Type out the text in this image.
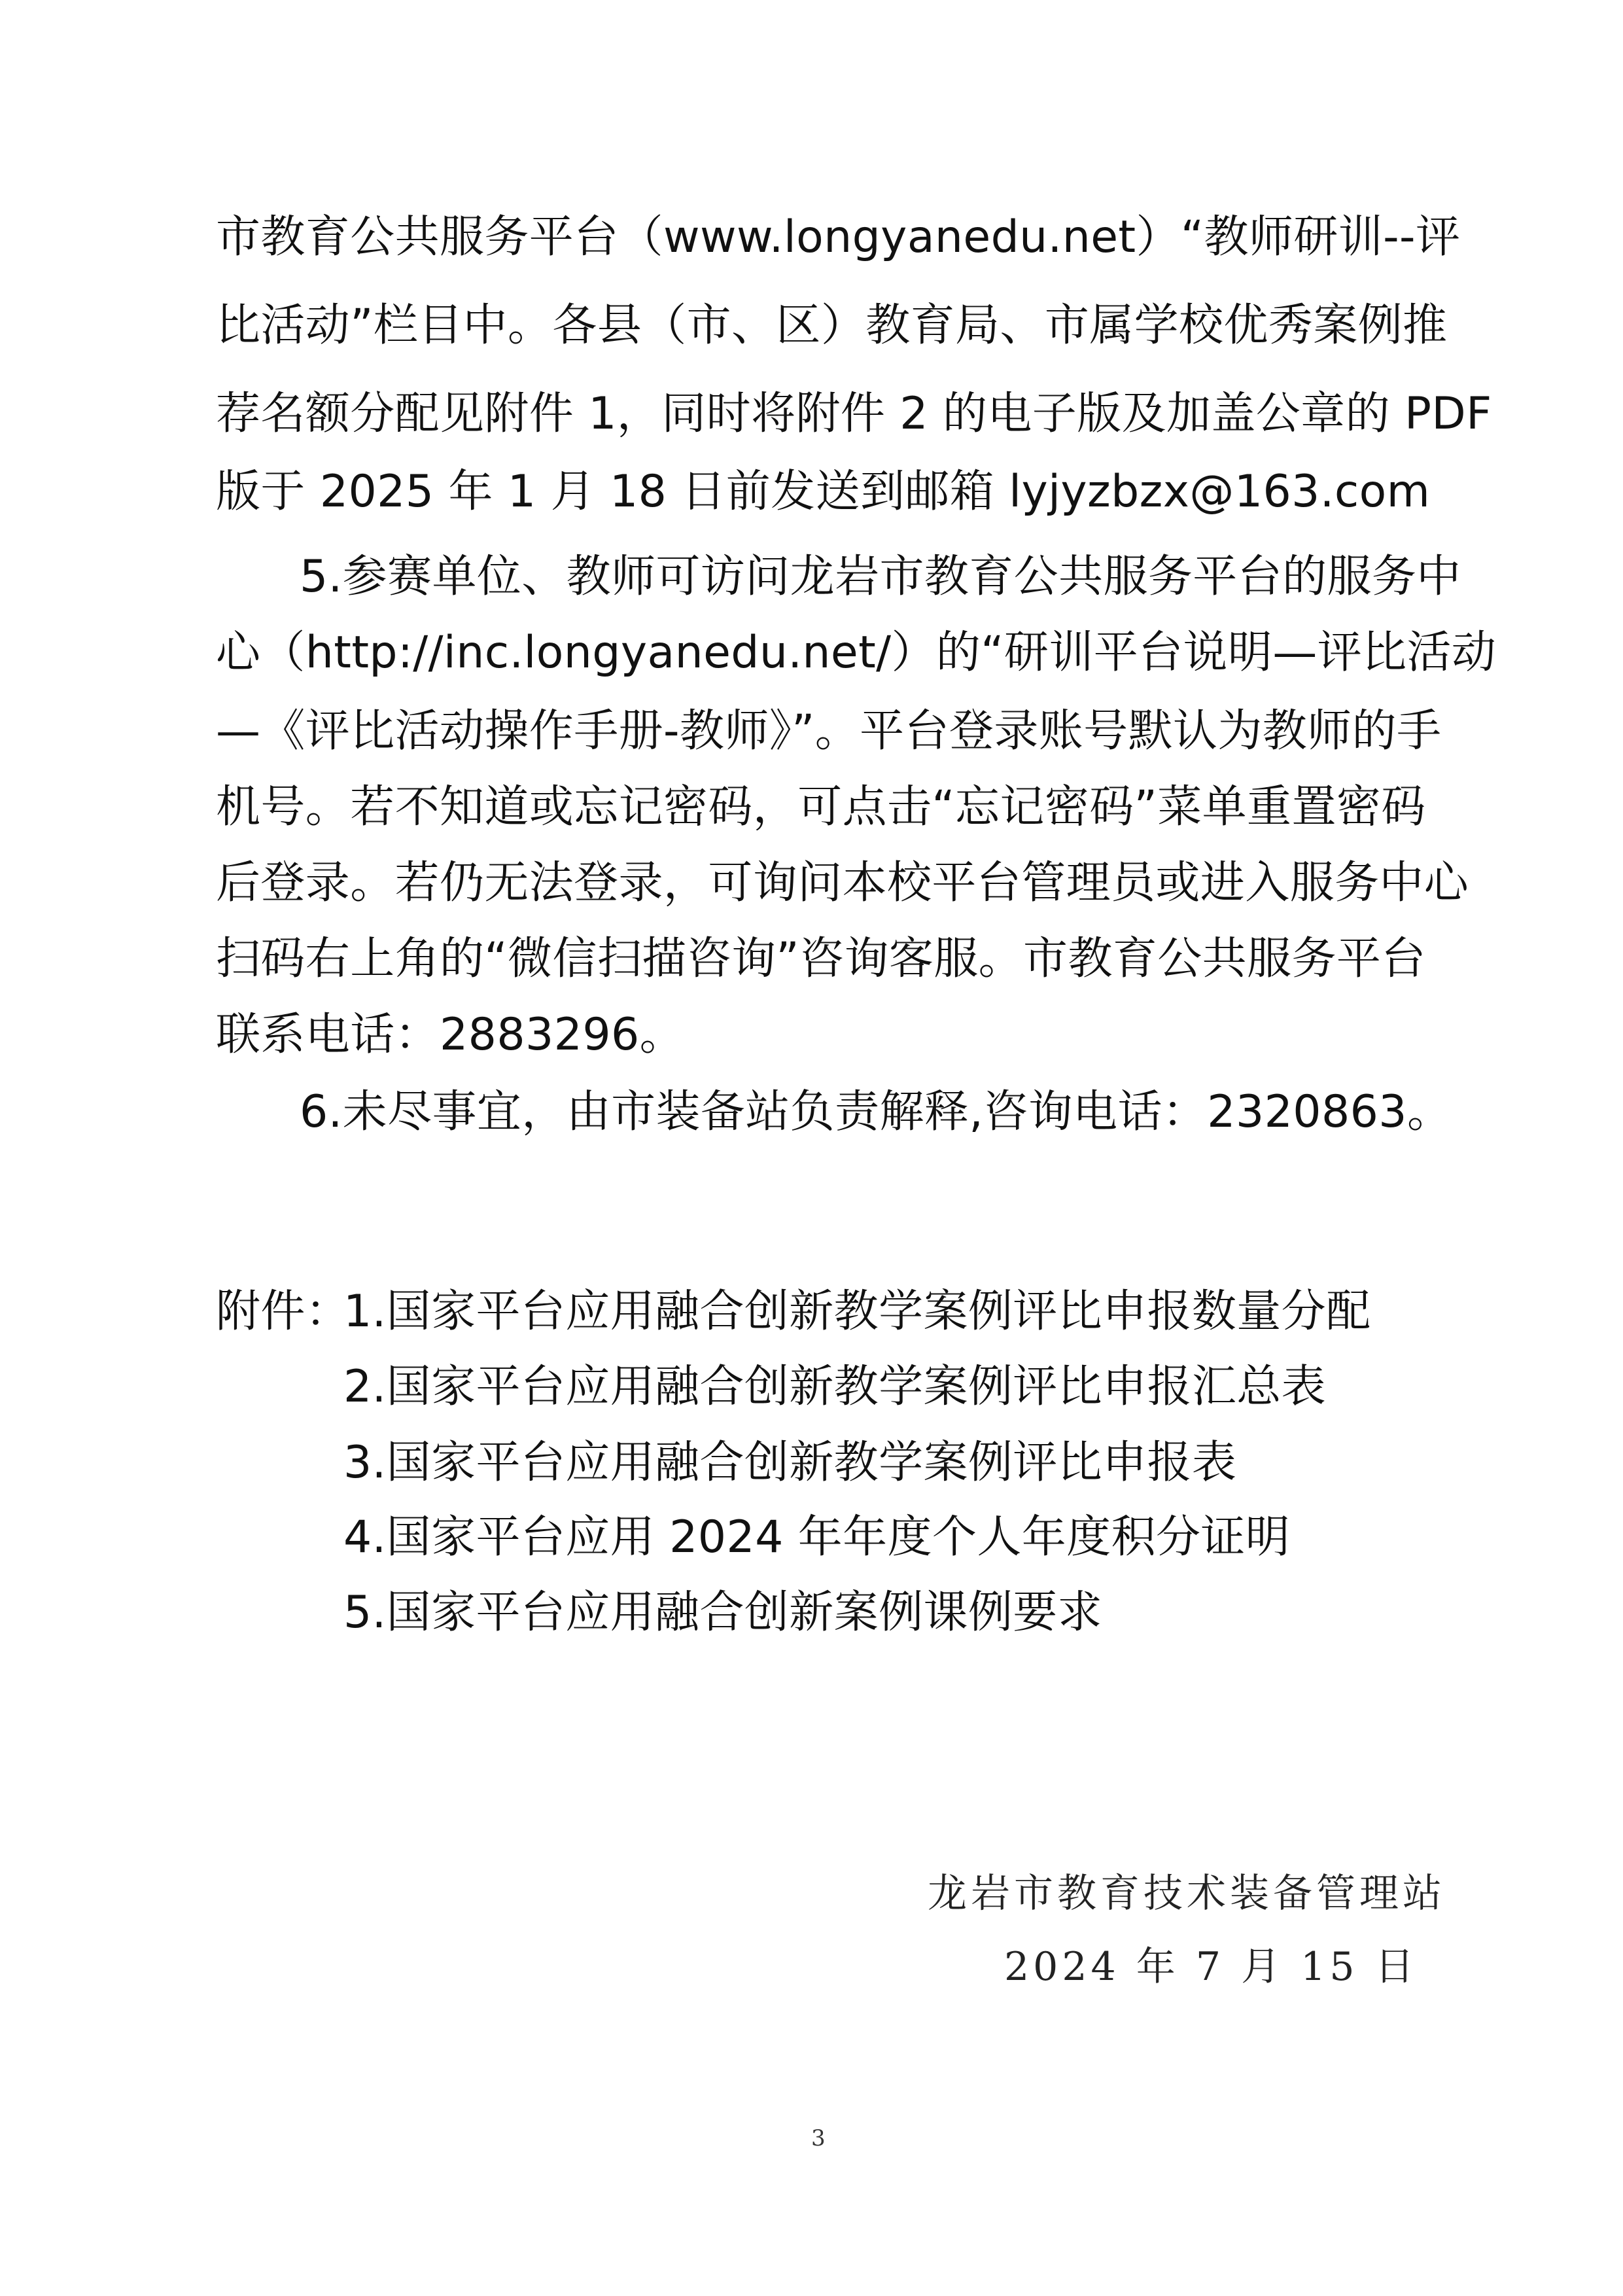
市教育公共服务平台（www.longyanedu.net）“教师研训--评
比活动”栏目中。各县（市、区）教育局、市属学校优秀案例推
荐名额分配见附件 1，同时将附件 2 的电子版及加盖公章的 PDF
版于 2025 年 1 月 18 日前发送到邮箱 lyjyzbzx@163.com
5.参赛单位、教师可访问龙岩市教育公共服务平台的服务中
心（http://inc.longyanedu.net/）的“研训平台说明—评比活动
—《评比活动操作手册-教师》”。平台登录账号默认为教师的手
机号。若不知道或忘记密码，可点击“忘记密码”菜单重置密码
后登录。若仍无法登录，可询问本校平台管理员或进入服务中心
扫码右上角的“微信扫描咨询”咨询客服。市教育公共服务平台
联系电话：2883296。
6.未尽事宜，由市装备站负责解释,咨询电话：2320863。
附件：
1.国家平台应用融合创新教学案例评比申报数量分配
2.国家平台应用融合创新教学案例评比申报汇总表
3.国家平台应用融合创新教学案例评比申报表
4.国家平台应用 2024 年年度个人年度积分证明
5.国家平台应用融合创新案例课例要求
龙岩市教育技术装备管理站
2024 年 7 月 15 日
3
